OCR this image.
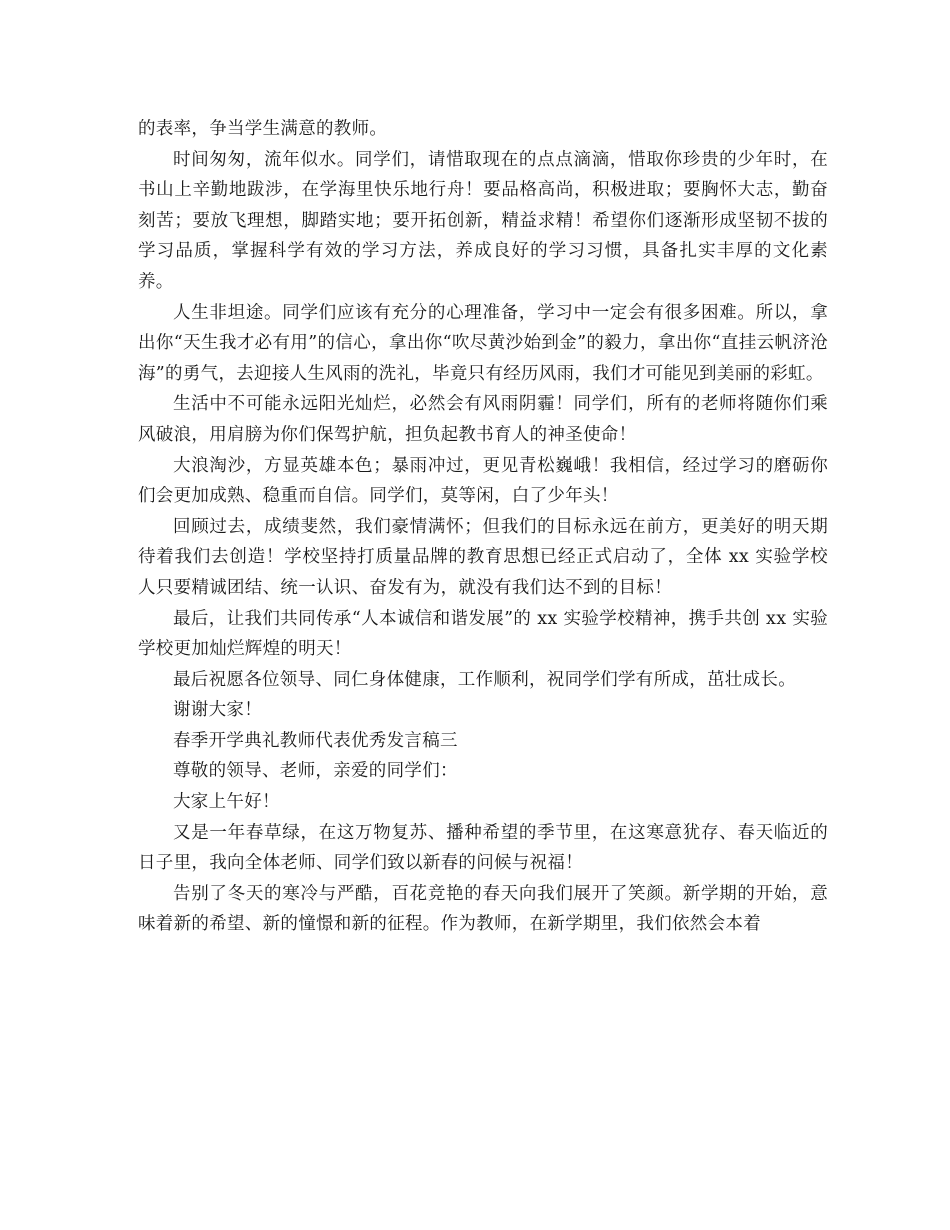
的表率，争当学生满意的教师。

时间匆匆，流年似水。同学们，请惜取现在的点点滴滴，惜取你珍贵的少年时，在书山上辛勤地跋涉，在学海里快乐地行舟！要品格高尚，积极进取；要胸怀大志，勤奋刻苦；要放飞理想，脚踏实地；要开拓创新，精益求精！希望你们逐渐形成坚韧不拔的学习品质，掌握科学有效的学习方法，养成良好的学习习惯，具备扎实丰厚的文化素养。

人生非坦途。同学们应该有充分的心理准备，学习中一定会有很多困难。所以，拿出你“天生我才必有用”的信心，拿出你“吹尽黄沙始到金”的毅力，拿出你“直挂云帆济沧海”的勇气，去迎接人生风雨的洗礼，毕竟只有经历风雨，我们才可能见到美丽的彩虹。

生活中不可能永远阳光灿烂，必然会有风雨阴霾！同学们，所有的老师将随你们乘风破浪，用肩膀为你们保驾护航，担负起教书育人的神圣使命！

大浪淘沙，方显英雄本色；暴雨冲过，更见青松巍峨！我相信，经过学习的磨砺你们会更加成熟、稳重而自信。同学们，莫等闲，白了少年头！

回顾过去，成绩斐然，我们豪情满怀；但我们的目标永远在前方，更美好的明天期待着我们去创造！学校坚持打质量品牌的教育思想已经正式启动了，全体 xx 实验学校人只要精诚团结、统一认识、奋发有为，就没有我们达不到的目标！

最后，让我们共同传承“人本诚信和谐发展”的 xx 实验学校精神，携手共创 xx 实验学校更加灿烂辉煌的明天！

最后祝愿各位领导、同仁身体健康，工作顺利，祝同学们学有所成，茁壮成长。

谢谢大家！

春季开学典礼教师代表优秀发言稿三

尊敬的领导、老师，亲爱的同学们：

大家上午好！

又是一年春草绿，在这万物复苏、播种希望的季节里，在这寒意犹存、春天临近的日子里，我向全体老师、同学们致以新春的问候与祝福！

告别了冬天的寒冷与严酷，百花竞艳的春天向我们展开了笑颜。新学期的开始，意味着新的希望、新的憧憬和新的征程。作为教师，在新学期里，我们依然会本着
